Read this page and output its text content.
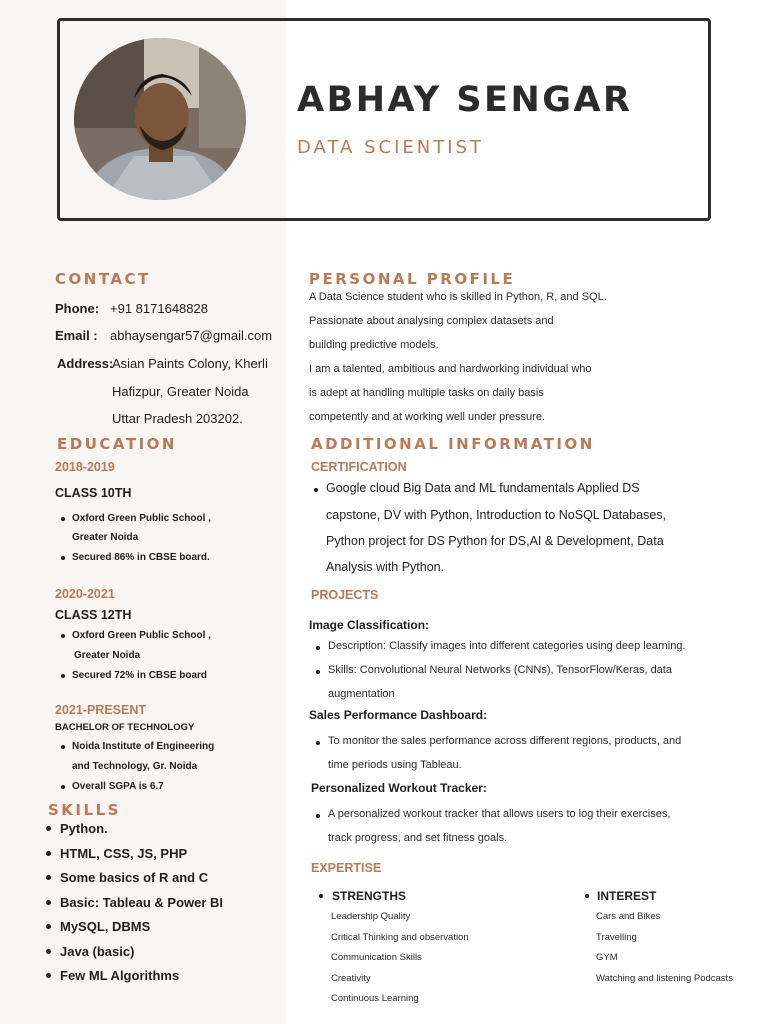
ABHAY SENGAR
DATA SCIENTIST
CONTACT
Phone: +91 8171648828
Email : abhaysengar57@gmail.com
Address:
Asian Paints Colony, Kherli
Hafizpur, Greater Noida
Uttar Pradesh 203202.
EDUCATION
2018-2019
CLASS 10TH
Oxford Green Public School ,
Greater Noida
Secured 86% in CBSE board.
2020-2021
CLASS 12TH
Oxford Green Public School ,
Greater Noida
Secured 72% in CBSE board
2021-PRESENT
BACHELOR OF TECHNOLOGY
Noida Institute of Engineering
and Technology, Gr. Noida
Overall SGPA is 6.7
SKILLS
Python.
HTML, CSS, JS, PHP
Some basics of R and C
Basic: Tableau & Power BI
MySQL, DBMS
Java (basic)
Few ML Algorithms
PERSONAL PROFILE
A Data Science student who is skilled in Python, R, and SQL.
Passionate about analysing complex datasets and
building predictive models.
I am a talented, ambitious and hardworking individual who
is adept at handling multiple tasks on daily basis
competently and at working well under pressure.
ADDITIONAL INFORMATION
CERTIFICATION
Google cloud Big Data and ML fundamentals Applied DS
capstone, DV with Python, Introduction to NoSQL Databases,
Python project for DS Python for DS,AI & Development, Data
Analysis with Python.
PROJECTS
Image Classification:
Description: Classify images into different categories using deep learning.
Skills: Convolutional Neural Networks (CNNs), TensorFlow/Keras, data
augmentation
Sales Performance Dashboard:
To monitor the sales performance across different regions, products, and
time periods using Tableau.
Personalized Workout Tracker:
A personalized workout tracker that allows users to log their exercises,
track progress, and set fitness goals.
EXPERTISE
STRENGTHS
Leadership Quality
Critical Thinking and observation
Communication Skills
Creativity
Continuous Learning
INTEREST
Cars and Bikes
Travelling
GYM
Watching and listening Podcasts
